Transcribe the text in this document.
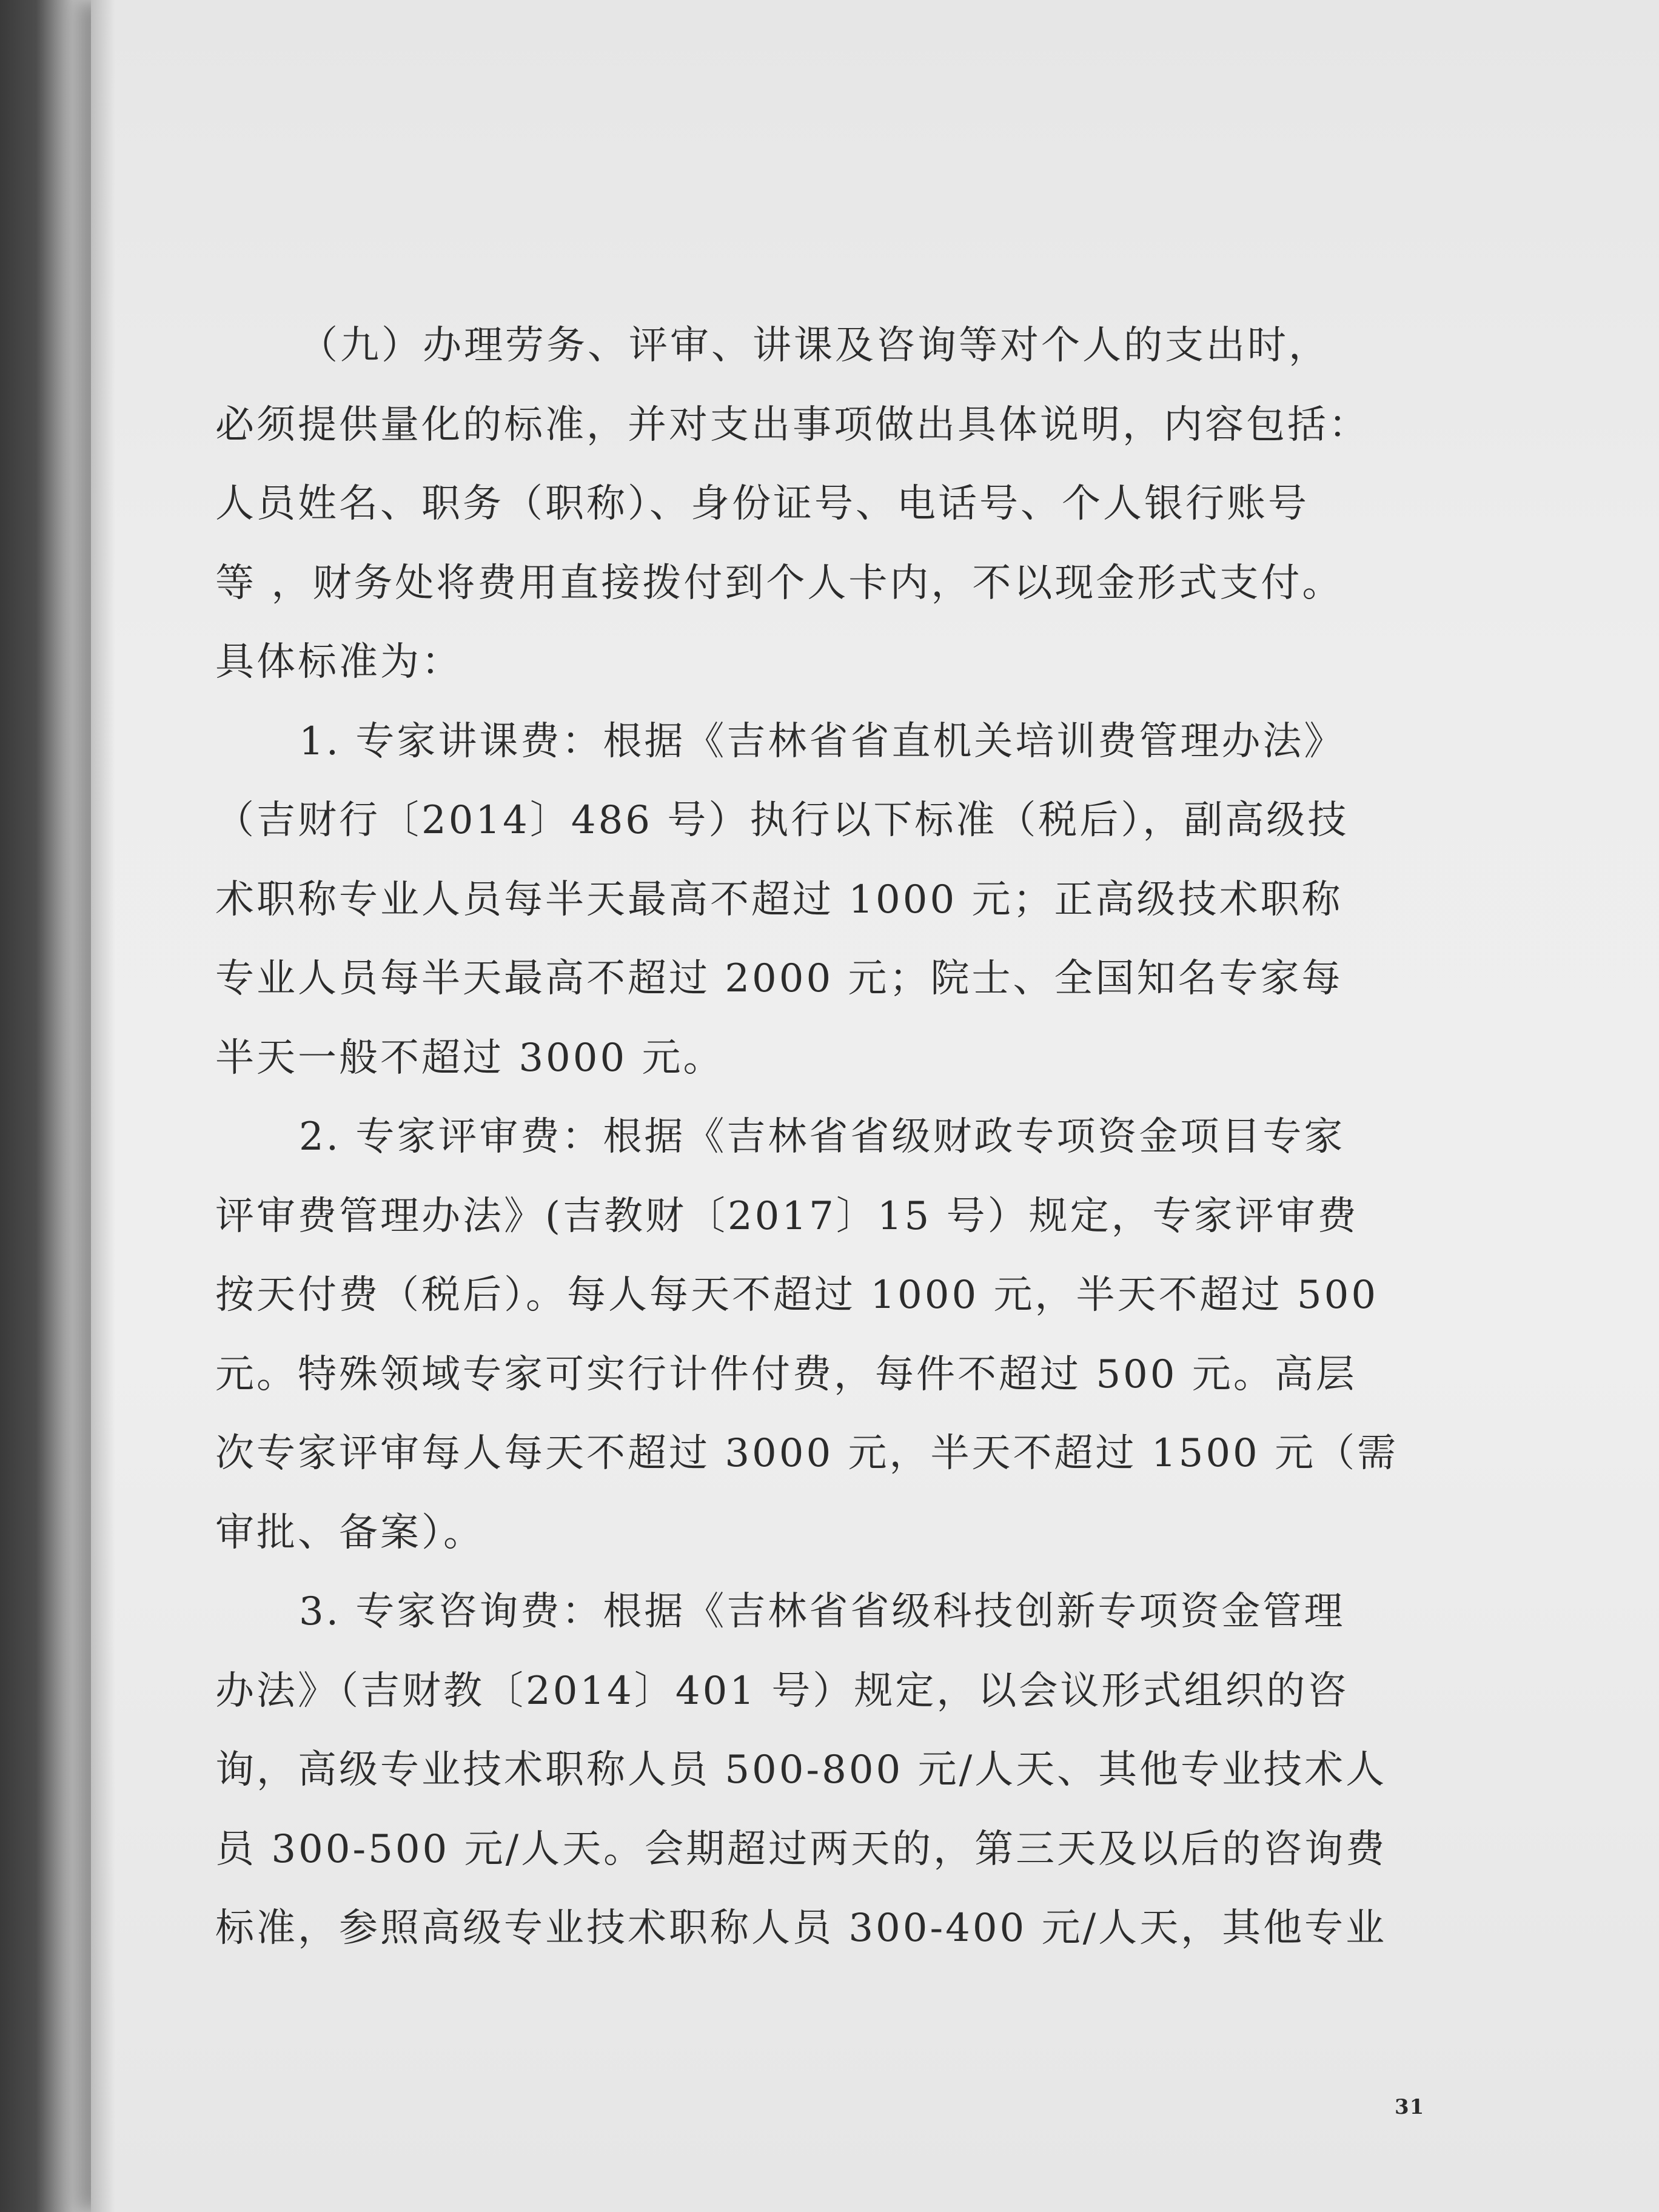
（九）办理劳务、评审、讲课及咨询等对个人的支出时，
必须提供量化的标准，并对支出事项做出具体说明，内容包括：
人员姓名、职务（职称）、身份证号、电话号、个人银行账号
等 ，财务处将费用直接拨付到个人卡内，不以现金形式支付。
具体标准为：
1. 专家讲课费：根据《吉林省省直机关培训费管理办法》
（吉财行〔2014〕486 号）执行以下标准（税后），副高级技
术职称专业人员每半天最高不超过 1000 元；正高级技术职称
专业人员每半天最高不超过 2000 元；院士、全国知名专家每
半天一般不超过 3000 元。
2. 专家评审费：根据《吉林省省级财政专项资金项目专家
评审费管理办法》(吉教财〔2017〕15 号）规定，专家评审费
按天付费（税后）。每人每天不超过 1000 元，半天不超过 500
元。特殊领域专家可实行计件付费，每件不超过 500 元。高层
次专家评审每人每天不超过 3000 元，半天不超过 1500 元（需
审批、备案）。
3. 专家咨询费：根据《吉林省省级科技创新专项资金管理
办法》（吉财教〔2014〕401 号）规定，以会议形式组织的咨
询，高级专业技术职称人员 500-800 元/人天、其他专业技术人
员 300-500 元/人天。会期超过两天的，第三天及以后的咨询费
标准，参照高级专业技术职称人员 300-400 元/人天，其他专业
31
